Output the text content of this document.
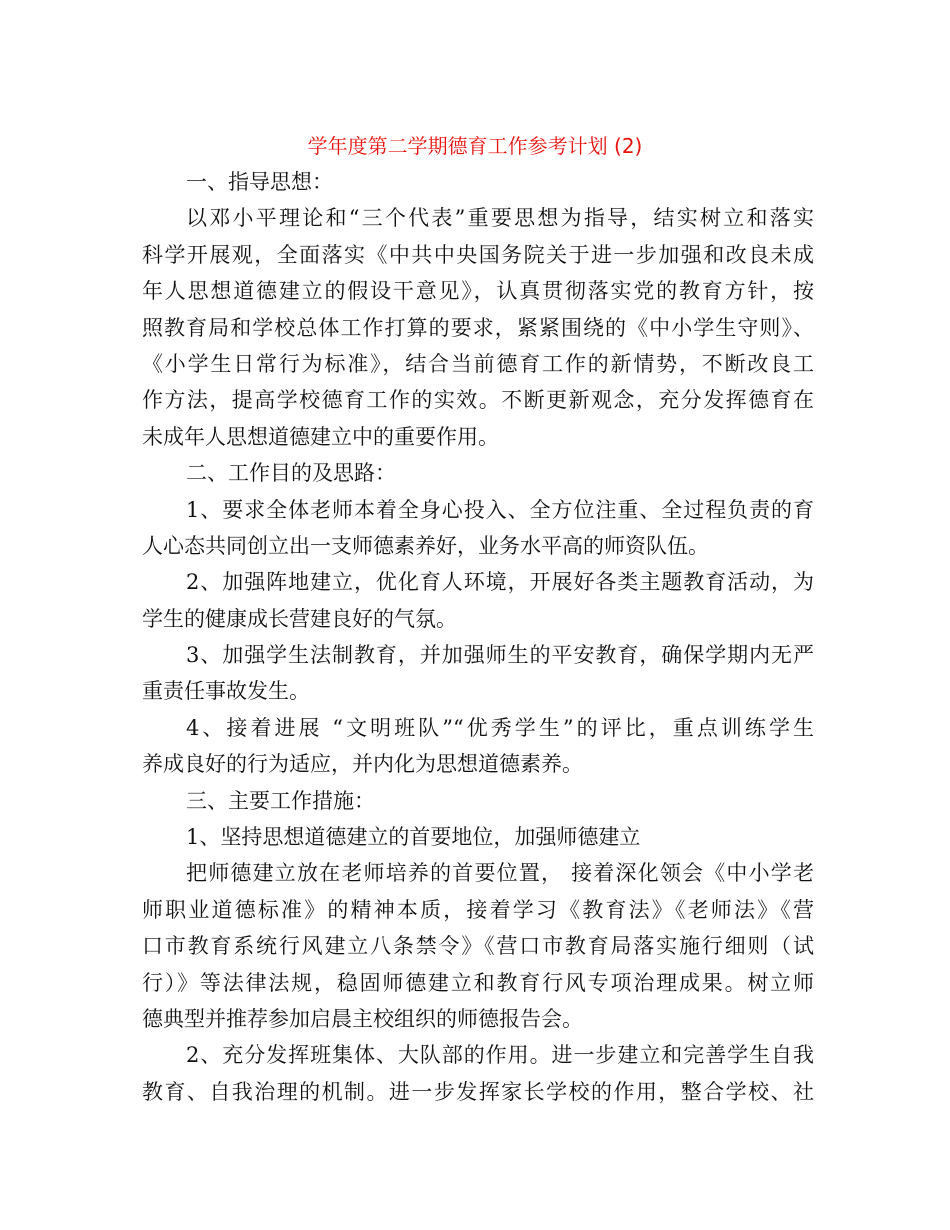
学年度第二学期德育工作参考计划 (2)
一、指导思想：
以邓小平理论和“三个代表”重要思想为指导，结实树立和落实
科学开展观，全面落实《中共中央国务院关于进一步加强和改良未成
年人思想道德建立的假设干意见》，认真贯彻落实党的教育方针，按
照教育局和学校总体工作打算的要求，紧紧围绕的《中小学生守则》、
《小学生日常行为标准》，结合当前德育工作的新情势，不断改良工
作方法，提高学校德育工作的实效。不断更新观念，充分发挥德育在
未成年人思想道德建立中的重要作用。
二、工作目的及思路：
1、要求全体老师本着全身心投入、全方位注重、全过程负责的育
人心态共同创立出一支师德素养好，业务水平高的师资队伍。
2、加强阵地建立，优化育人环境，开展好各类主题教育活动，为
学生的健康成长营建良好的气氛。
3、加强学生法制教育，并加强师生的平安教育，确保学期内无严
重责任事故发生。
4、接着进展 “文明班队”“优秀学生”的评比，重点训练学生
养成良好的行为适应，并内化为思想道德素养。
三、主要工作措施：
1、坚持思想道德建立的首要地位，加强师德建立
把师德建立放在老师培养的首要位置， 接着深化领会《中小学老
师职业道德标准》的精神本质，接着学习《教育法》《老师法》《营
口市教育系统行风建立八条禁令》《营口市教育局落实施行细则（试
行）》等法律法规，稳固师德建立和教育行风专项治理成果。树立师
德典型并推荐参加启晨主校组织的师德报告会。
2、充分发挥班集体、大队部的作用。进一步建立和完善学生自我
教育、自我治理的机制。进一步发挥家长学校的作用，整合学校、社
